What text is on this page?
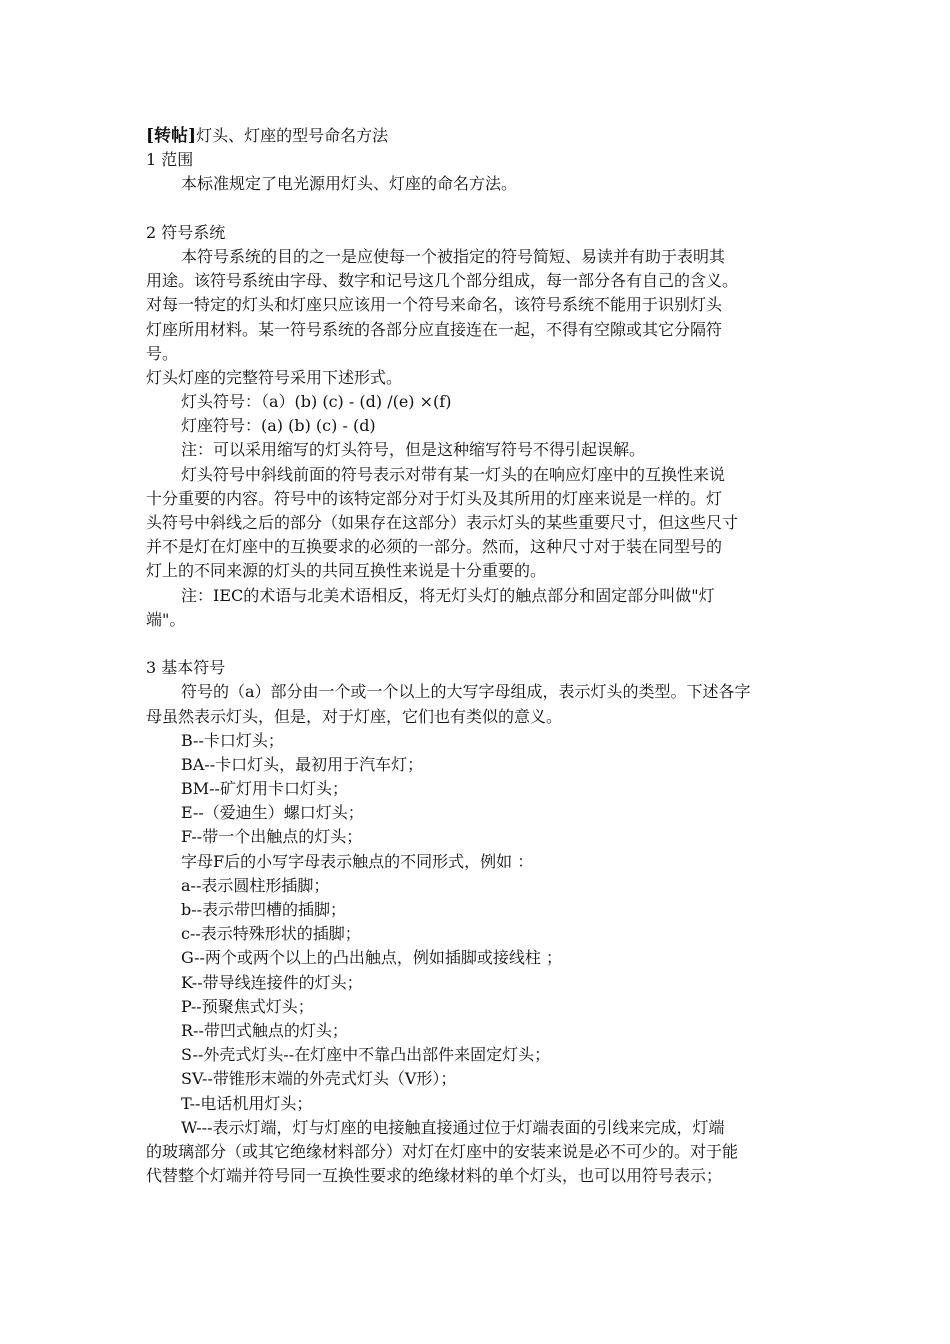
[转帖]灯头、灯座的型号命名方法
1 范围
本标准规定了电光源用灯头、灯座的命名方法。
2 符号系统
本符号系统的目的之一是应使每一个被指定的符号简短、易读并有助于表明其
用途。该符号系统由字母、数字和记号这几个部分组成，每一部分各有自己的含义。
对每一特定的灯头和灯座只应该用一个符号来命名，该符号系统不能用于识别灯头
灯座所用材料。某一符号系统的各部分应直接连在一起，不得有空隙或其它分隔符
号。
灯头灯座的完整符号采用下述形式。
灯头符号：（a）(b) (c) - (d) /(e) ×(f)
灯座符号：(a) (b) (c) - (d)
注：可以采用缩写的灯头符号，但是这种缩写符号不得引起误解。
灯头符号中斜线前面的符号表示对带有某一灯头的在响应灯座中的互换性来说
十分重要的内容。符号中的该特定部分对于灯头及其所用的灯座来说是一样的。灯
头符号中斜线之后的部分（如果存在这部分）表示灯头的某些重要尺寸，但这些尺寸
并不是灯在灯座中的互换要求的必须的一部分。然而，这种尺寸对于装在同型号的
灯上的不同来源的灯头的共同互换性来说是十分重要的。
注：IEC的术语与北美术语相反，将无灯头灯的触点部分和固定部分叫做"灯
端"。
3 基本符号
符号的（a）部分由一个或一个以上的大写字母组成，表示灯头的类型。下述各字
母虽然表示灯头，但是，对于灯座，它们也有类似的意义。
B--卡口灯头；
BA--卡口灯头，最初用于汽车灯；
BM--矿灯用卡口灯头；
E--（爱迪生）螺口灯头；
F--带一个出触点的灯头；
字母F后的小写字母表示触点的不同形式，例如 ：
a--表示圆柱形插脚；
b--表示带凹槽的插脚；
c--表示特殊形状的插脚；
G--两个或两个以上的凸出触点，例如插脚或接线柱 ；
K--带导线连接件的灯头；
P--预聚焦式灯头；
R--带凹式触点的灯头；
S--外壳式灯头--在灯座中不靠凸出部件来固定灯头；
SV--带锥形末端的外壳式灯头（V形）；
T--电话机用灯头；
W---表示灯端，灯与灯座的电接触直接通过位于灯端表面的引线来完成，灯端
的玻璃部分（或其它绝缘材料部分）对灯在灯座中的安装来说是必不可少的。对于能
代替整个灯端并符号同一互换性要求的绝缘材料的单个灯头，也可以用符号表示；
